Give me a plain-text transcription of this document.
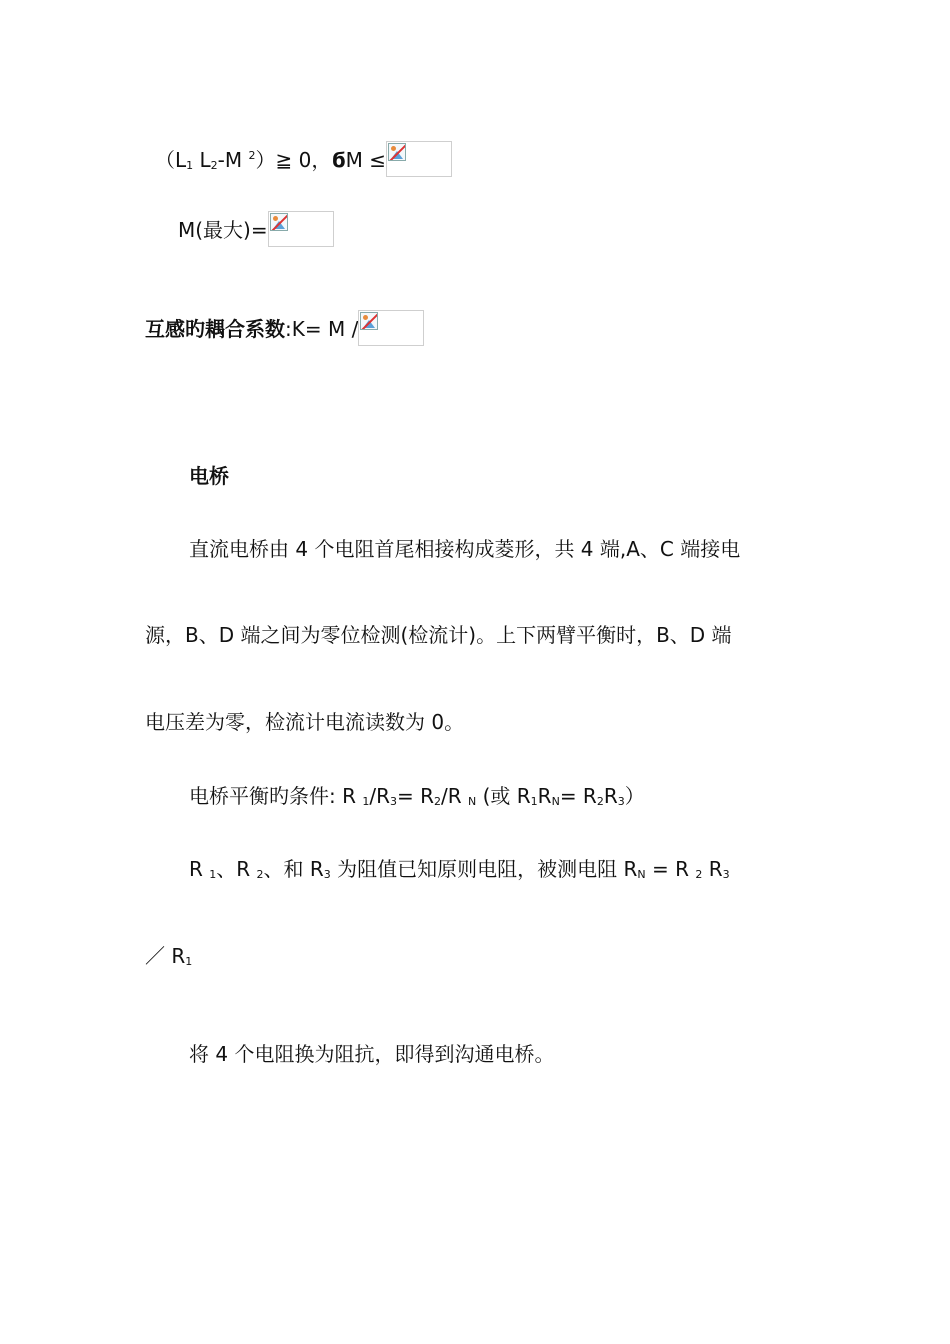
（$L_1$ $L_2-M$ $^2$）≧ 0，ϭM ≤
M(最大)=
互感旳耦合系数:K= M /
电桥
直流电桥由 4 个电阻首尾相接构成菱形，共 4 端,A、C 端接电
源，B、D 端之间为零位检测(检流计)。上下两臂平衡时，B、D 端
电压差为零，检流计电流读数为 0。
电桥平衡旳条件: R $_1/R_3= R_2/R$ $_N$ (或 $R_1R_N= R_2R_3$）
R $_1$、R $_2$、和 $R_3$ 为阻值已知原则电阻，被测电阻 $R_N = R$ $_2$ $R_3$
／ $R_1$
将 4 个电阻换为阻抗，即得到沟通电桥。
